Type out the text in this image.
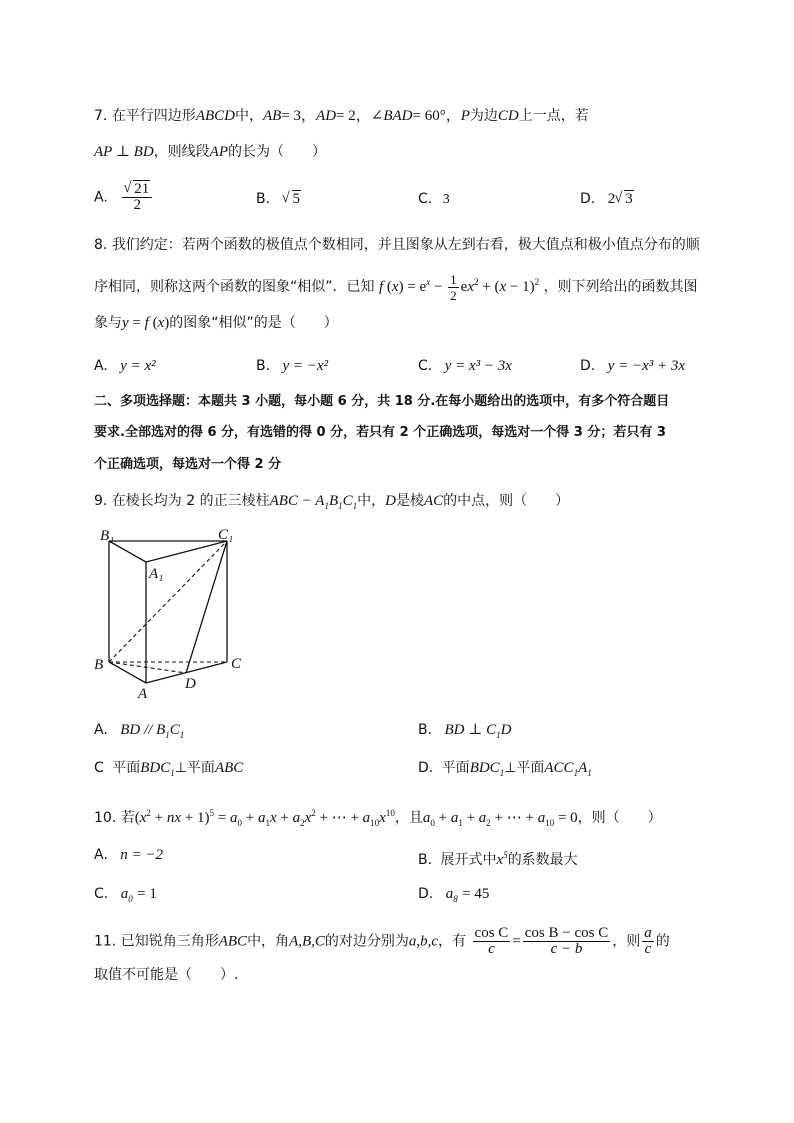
7. 在平行四边形ABCD中，AB= 3，AD= 2，∠BAD= 60°，P为边CD上一点，若
AP ⊥ BD，则线段AP的长为（　　）
A. √ $\frac{21}{2}$	B. √ 5	C. 3	D. 2 √ 3
8. 我们约定：若两个函数的极值点个数相同，并且图象从左到右看，极大值点和极小值点分布的顺
序相同，则称这两个函数的图象“相似”．已知 f $(x) = e^x - \frac{1}{2} ex^2 + (x - 1)^2$ ，则下列给出的函数其图
象与y = f (x)的图象“相似”的是（　　）
A. y = x²	B. y = −x²	C. y = x³ − 3x	D. y = −x³ + 3x
二、多项选择题：本题共 3 小题，每小题 6 分，共 18 分.在每小题给出的选项中，有多个符合题目
要求.全部选对的得 6 分，有选错的得 0 分，若只有 2 个正确选项，每选对一个得 3 分；若只有 3
个正确选项，每选对一个得 2 分
9. 在棱长均为 2 的正三棱柱ABC − $A_1B_1C_1$中，D是棱AC的中点，则（　　）
B₁	C₁
A₁
B	C
A
D
A. BD // $B_1C_1$	B. BD ⊥ $C_1D$
C 平面$BDC_1\perp$平面ABC	D. 平面$BDC_1\perp$平面$ACC_1A_1$
10. 若($x^2$ + nx + $1)^5 = a_0 + a_1x + a_2x^2$ + ⋯ + $a_{10}x^{10}$，且$a_0 + a_1 + a_2$ + ⋯ + $a_{10} = 0$，则（　　）
A. n = −2	B. 展开式中$x^5$的系数最大
C. $a_0 = 1$	D. $a_8 = 45$
11. 已知锐角三角形ABC中，角A,B,C的对边分别为a,b,c，有 $\frac{\text{cos C}}{c} = \frac{\text{cos B − cos C}}{c - b}$ ，则 $\frac{a}{c}$ 的
取值不可能是（　　）.
